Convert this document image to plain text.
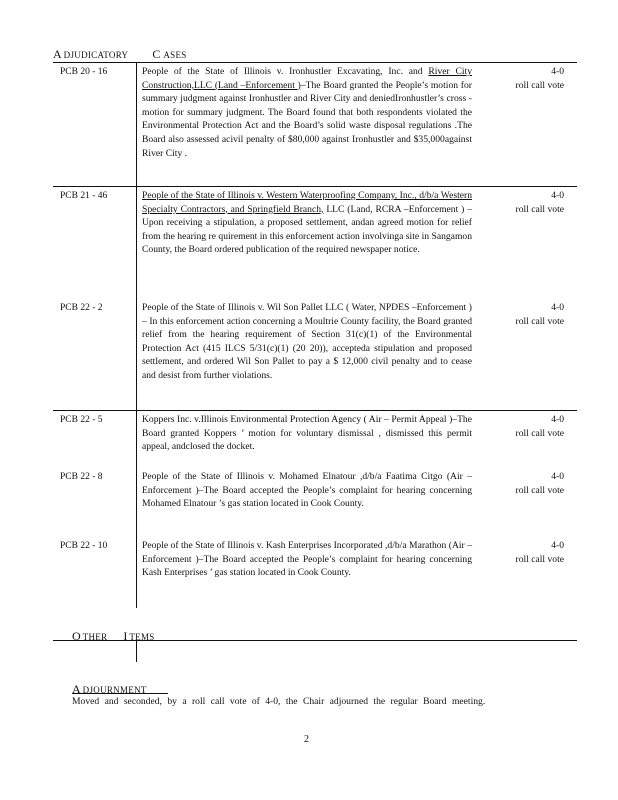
A DJUDICATORY C ASES
PCB 20 - 16	People of the State of Illinois v. Ironhustler Excavating, Inc. and River City Construction,LLC (Land –Enforcement )–The Board granted the People’s motion for summary judgment against Ironhustler and River City and deniedIronhustler’s cross - motion for summary judgment. The Board found that both respondents violated the Environmental Protection Act and the Board’s solid waste disposal regulations .The Board also assessed acivil penalty of $80,000 against Ironhustler and $35,000against River City .
4-0
roll call vote
PCB 21 - 46	People of the State of Illinois v. Western Waterproofing Company, Inc., d/b/a Western Specialty Contractors, and Springfield Branch, LLC (Land, RCRA –Enforcement ) – Upon receiving a stipulation, a proposed settlement, andan agreed motion for relief from the hearing re quirement in this enforcement action involvinga site in Sangamon County, the Board ordered publication of the required newspaper notice.
4-0
roll call vote
PCB 22 - 2	People of the State of Illinois v. Wil Son Pallet LLC ( Water, NPDES –Enforcement ) – In this enforcement action concerning a Moultrie County facility, the Board granted relief from the hearing requirement of Section 31(c)(1) of the Environmental Protection Act (415 ILCS 5/31(c)(1) (20 20)), accepteda stipulation and proposed settlement, and ordered Wil Son Pallet to pay a $ 12,000 civil penalty and to cease and desist from further violations.
4-0
roll call vote
PCB 22 - 5	Koppers Inc. v.Illinois Environmental Protection Agency ( Air – Permit Appeal )–The Board granted Koppers ’ motion for voluntary dismissal , dismissed this permit appeal, andclosed the docket.
4-0
roll call vote
PCB 22 - 8	People of the State of Illinois v. Mohamed Elnatour ,d/b/a Faatima Citgo (Air –Enforcement )–The Board accepted the People’s complaint for hearing concerning Mohamed Elnatour ’s gas station located in Cook County.
4-0
roll call vote
PCB 22 - 10	People of the State of Illinois v. Kash Enterprises Incorporated ,d/b/a Marathon (Air – Enforcement )–The Board accepted the People’s complaint for hearing concerning Kash Enterprises ’ gas station located in Cook County.
4-0
roll call vote
O THER I TEMS
A DJOURNMENT
Moved and seconded, by a roll call vote of 4-0, the Chair adjourned the regular Board meeting.
2
